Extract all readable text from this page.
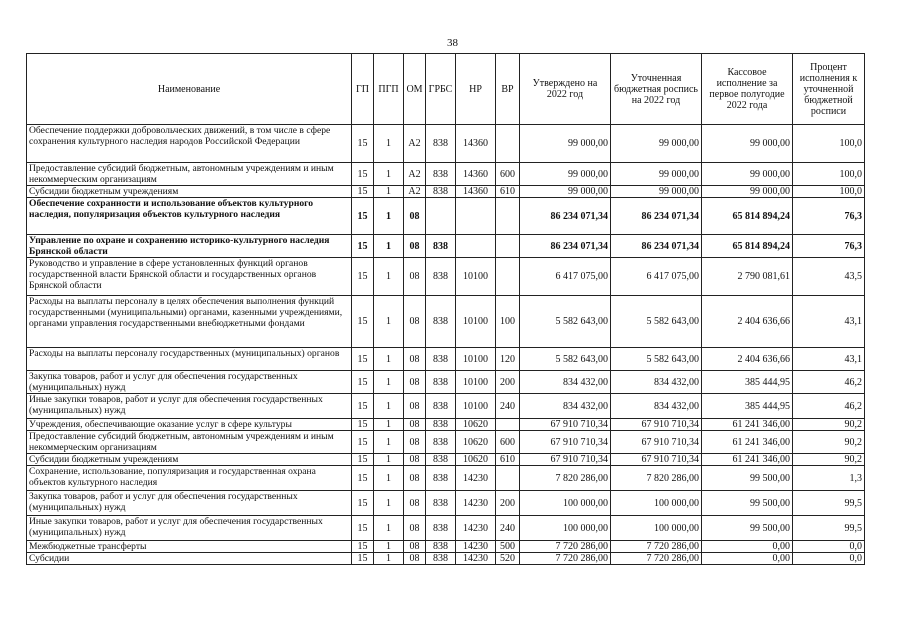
38
Наименование	ГП	ПГП	ОМ	ГРБС	НР	ВР	Утверждено на 2022 год	Уточненная бюджетная роспись на 2022 год	Кассовое исполнение за первое полугодие 2022 года	Процент исполнения к уточненной бюджетной росписи
Обеспечение поддержки добровольческих движений, в том числе в сфере сохранения культурного наследия народов Российской Федерации	15	1	A2	838	14360		99 000,00	99 000,00	99 000,00	100,0
Предоставление субсидий бюджетным, автономным учреждениям и иным некоммерческим организациям	15	1	A2	838	14360	600	99 000,00	99 000,00	99 000,00	100,0
Субсидии бюджетным учреждениям	15	1	A2	838	14360	610	99 000,00	99 000,00	99 000,00	100,0
Обеспечение сохранности и использование объектов культурного наследия, популяризация объектов культурного наследия	15	1	08				86 234 071,34	86 234 071,34	65 814 894,24	76,3
Управление по охране и сохранению историко-культурного наследия Брянской области	15	1	08	838			86 234 071,34	86 234 071,34	65 814 894,24	76,3
Руководство и управление в сфере установленных функций органов государственной власти Брянской области и государственных органов Брянской области	15	1	08	838	10100		6 417 075,00	6 417 075,00	2 790 081,61	43,5
Расходы на выплаты персоналу в целях обеспечения выполнения функций государственными (муниципальными) органами, казенными учреждениями, органами управления государственными внебюджетными фондами	15	1	08	838	10100	100	5 582 643,00	5 582 643,00	2 404 636,66	43,1
Расходы на выплаты персоналу государственных (муниципальных) органов	15	1	08	838	10100	120	5 582 643,00	5 582 643,00	2 404 636,66	43,1
Закупка товаров, работ и услуг для обеспечения государственных (муниципальных) нужд	15	1	08	838	10100	200	834 432,00	834 432,00	385 444,95	46,2
Иные закупки товаров, работ и услуг для обеспечения государственных (муниципальных) нужд	15	1	08	838	10100	240	834 432,00	834 432,00	385 444,95	46,2
Учреждения, обеспечивающие оказание услуг в сфере культуры	15	1	08	838	10620		67 910 710,34	67 910 710,34	61 241 346,00	90,2
Предоставление субсидий бюджетным, автономным учреждениям и иным некоммерческим организациям	15	1	08	838	10620	600	67 910 710,34	67 910 710,34	61 241 346,00	90,2
Субсидии бюджетным учреждениям	15	1	08	838	10620	610	67 910 710,34	67 910 710,34	61 241 346,00	90,2
Сохранение, использование, популяризация и государственная охрана объектов культурного наследия	15	1	08	838	14230		7 820 286,00	7 820 286,00	99 500,00	1,3
Закупка товаров, работ и услуг для обеспечения государственных (муниципальных) нужд	15	1	08	838	14230	200	100 000,00	100 000,00	99 500,00	99,5
Иные закупки товаров, работ и услуг для обеспечения государственных (муниципальных) нужд	15	1	08	838	14230	240	100 000,00	100 000,00	99 500,00	99,5
Межбюджетные трансферты	15	1	08	838	14230	500	7 720 286,00	7 720 286,00	0,00	0,0
Субсидии	15	1	08	838	14230	520	7 720 286,00	7 720 286,00	0,00	0,0
